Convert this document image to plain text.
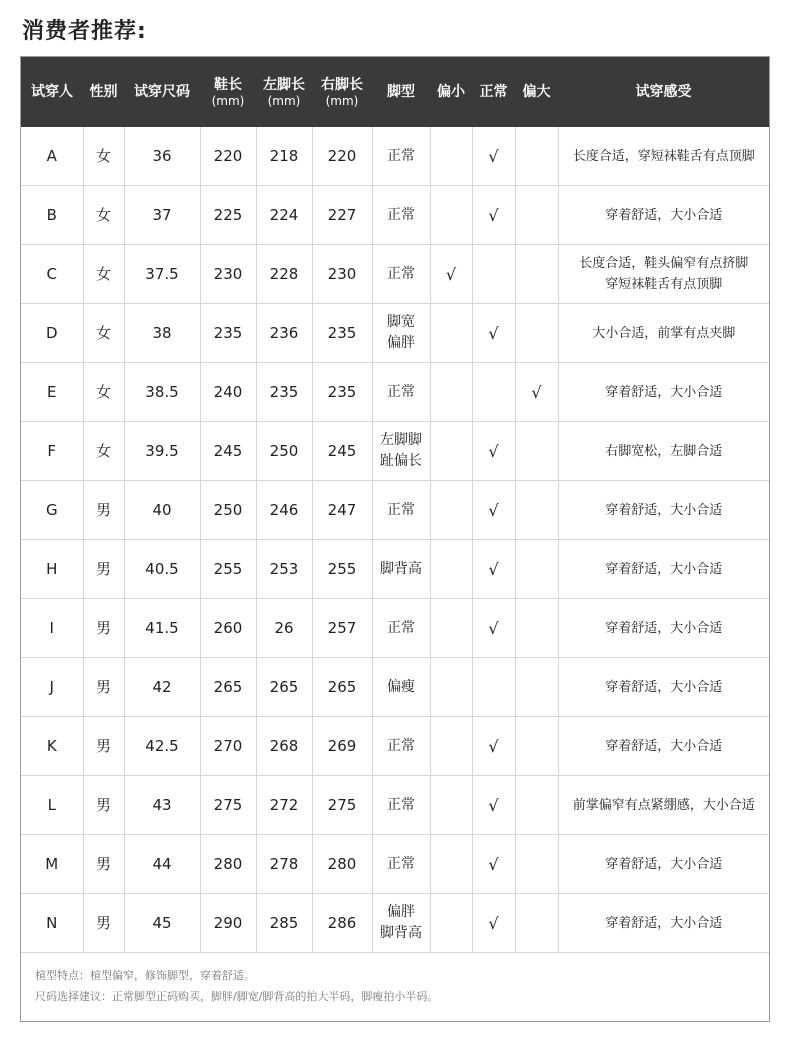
消费者推荐:
试穿人	性别	试穿尺码	鞋长
(mm)	左脚长
(mm)	右脚长
(mm)	脚型	偏小	正常	偏大	试穿感受
A	女	36	220	218	220	正常		√		长度合适，穿短袜鞋舌有点顶脚

B	女	37	225	224	227	正常		√		穿着舒适，大小合适

C	女	37.5	230	228	230	正常	√			长度合适，鞋头偏窄有点挤脚
穿短袜鞋舌有点顶脚

D	女	38	235	236	235	脚宽
偏胖		√		大小合适，前掌有点夹脚

E	女	38.5	240	235	235	正常			√	穿着舒适，大小合适

F	女	39.5	245	250	245	左脚脚
趾偏长		√		右脚宽松，左脚合适

G	男	40	250	246	247	正常		√		穿着舒适，大小合适

H	男	40.5	255	253	255	脚背高		√		穿着舒适，大小合适

I	男	41.5	260	26	257	正常		√		穿着舒适，大小合适

J	男	42	265	265	265	偏瘦				穿着舒适，大小合适

K	男	42.5	270	268	269	正常		√		穿着舒适，大小合适

L	男	43	275	272	275	正常		√		前掌偏窄有点紧绷感，大小合适

M	男	44	280	278	280	正常		√		穿着舒适，大小合适

N	男	45	290	285	286	偏胖
脚背高		√		穿着舒适，大小合适
楦型特点：楦型偏窄，修饰脚型，穿着舒适。
尺码选择建议：正常脚型正码购买，脚胖/脚宽/脚背高的拍大半码，脚瘦拍小半码。
